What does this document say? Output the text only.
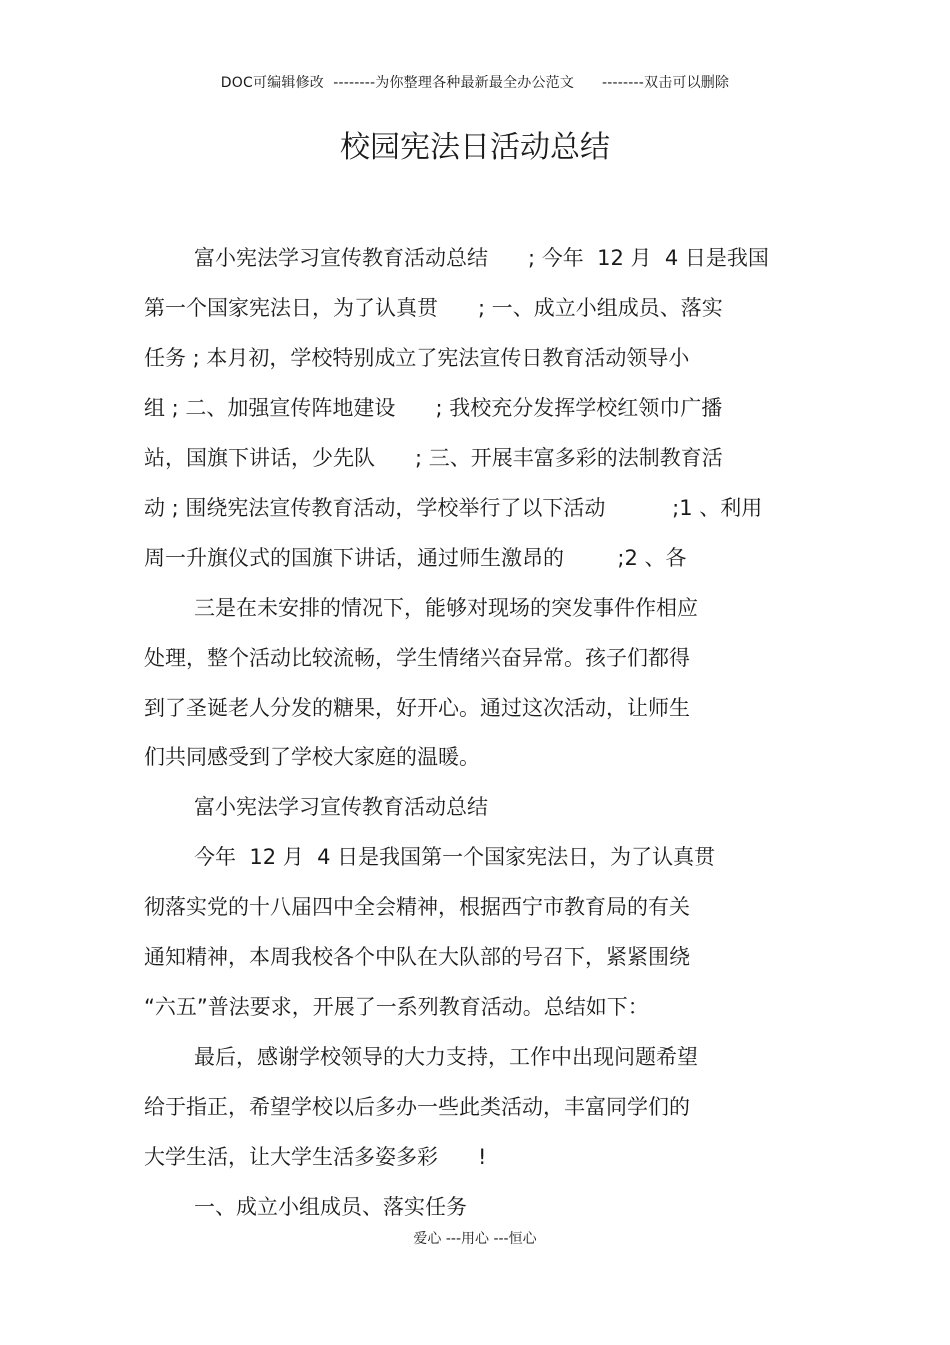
DOC可编辑修改  --------为你整理各种最新最全办公范文      --------双击可以删除
校园宪法日活动总结
富小宪法学习宣传教育活动总结      ; 今年  12 月  4 日是我国
第一个国家宪法日，为了认真贯      ; 一、成立小组成员、落实
任务 ; 本月初，学校特别成立了宪法宣传日教育活动领导小
组 ; 二、加强宣传阵地建设      ; 我校充分发挥学校红领巾广播
站，国旗下讲话，少先队      ; 三、开展丰富多彩的法制教育活
动 ; 围绕宪法宣传教育活动，学校举行了以下活动          ;1 、利用
周一升旗仪式的国旗下讲话，通过师生激昂的        ;2 、各
三是在未安排的情况下，能够对现场的突发事件作相应
处理，整个活动比较流畅，学生情绪兴奋异常。孩子们都得
到了圣诞老人分发的糖果，好开心。通过这次活动，让师生
们共同感受到了学校大家庭的温暖。
富小宪法学习宣传教育活动总结
今年  12 月  4 日是我国第一个国家宪法日，为了认真贯
彻落实党的十八届四中全会精神，根据西宁市教育局的有关
通知精神，本周我校各个中队在大队部的号召下，紧紧围绕
“六五”普法要求，开展了一系列教育活动。总结如下：
最后，感谢学校领导的大力支持，工作中出现问题希望
给于指正，希望学校以后多办一些此类活动，丰富同学们的
大学生活，让大学生活多姿多彩      !
一、成立小组成员、落实任务
爱心 ---用心 ---恒心
